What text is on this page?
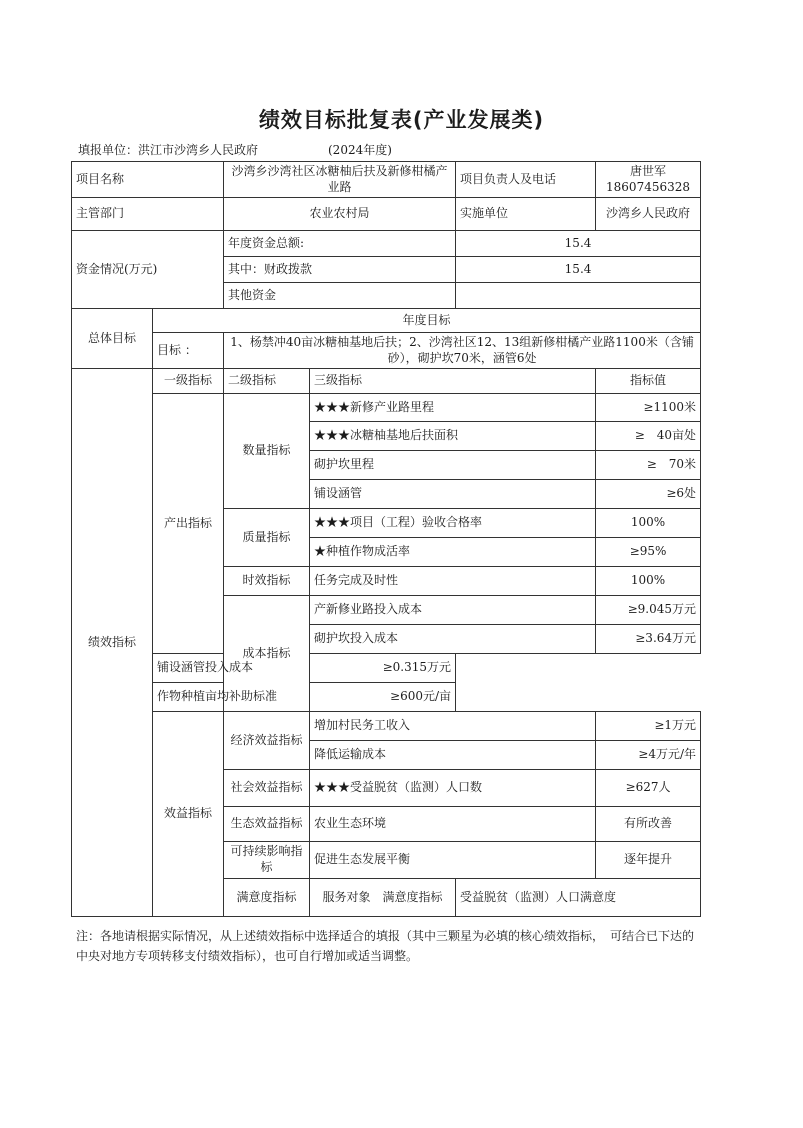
绩效目标批复表(产业发展类)
填报单位：洪江市沙湾乡人民政府	(2024年度)
项目名称		沙湾乡沙湾社区冰糖柚后扶及新修柑橘产业路		项目负责人及电话	唐世军
18607456328	

主管部门		农业农村局		实施单位	沙湾乡人民政府	
资金情况(万元)		年度资金总额:		15.4		
		其中：财政拨款		15.4		
		其他资金				
总体目标	年度目标					
	目标 ：	1、杨禁冲40亩冰糖柚基地后扶；2、沙湾社区12、13组新修柑橘产业路1100米（含铺砂），砌护坎70米，涵管6处				
绩效指标	一级指标	二级指标	三级指标		指标值	
	产出指标	数量指标	★★★新修产业路里程		≥1100米	
			★★★冰糖柚基地后扶面积		≥　40亩处	
			砌护坎里程		≥　70米	
			铺设涵管		≥6处	
		质量指标	★★★项目（工程）验收合格率		100%	
			★种植作物成活率		≥95%	
		时效指标	任务完成及时性		100%	
		成本指标	产新修业路投入成本		≥9.045万元	
			砌护坎投入成本		≥3.64万元	
	铺设涵管投入成本		≥0.315万元			
	作物种植亩均补助标准		≥600元/亩			
	效益指标	经济效益指标	增加村民务工收入		≥1万元	
			降低运输成本		≥4万元/年	
		社会效益指标	★★★受益脱贫（监测）人口数		≥627人	
		生态效益指标	农业生态环境		有所改善	
		可持续影响指标	促进生态发展平衡		逐年提升	
		满意度指标	服务对象　满意度指标	受益脱贫（监测）人口满意度	
注：各地请根据实际情况，从上述绩效指标中选择适合的填报（其中三颗星为必填的核心绩效指标，　可结合已下达的中央对地方专项转移支付绩效指标），也可自行增加或适当调整。
